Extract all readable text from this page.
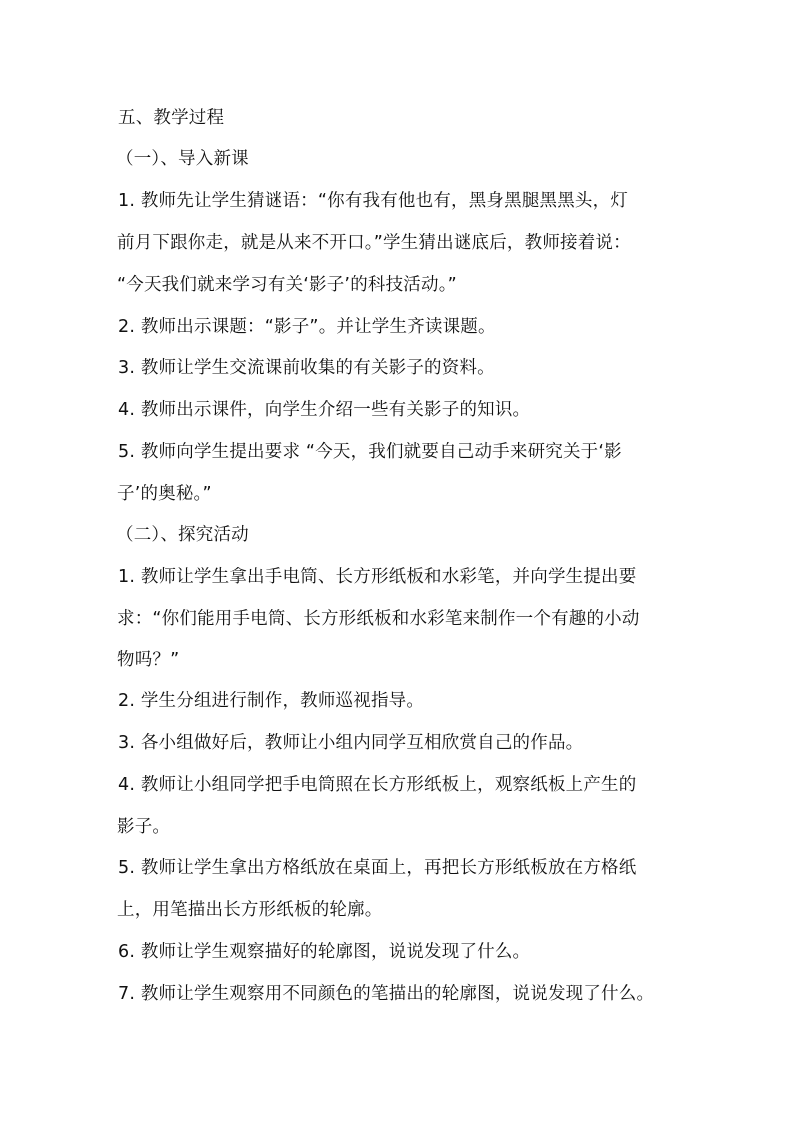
五、教学过程
（一）、导入新课
1. 教师先让学生猜谜语：“你有我有他也有，黑身黑腿黑黑头，灯
前月下跟你走，就是从来不开口。”学生猜出谜底后，教师接着说：
“今天我们就来学习有关‘影子’的科技活动。”
2. 教师出示课题：“影子”。并让学生齐读课题。
3. 教师让学生交流课前收集的有关影子的资料。
4. 教师出示课件，向学生介绍一些有关影子的知识。
5. 教师向学生提出要求 “今天，我们就要自己动手来研究关于‘影
子’的奥秘。”
（二）、探究活动
1. 教师让学生拿出手电筒、长方形纸板和水彩笔，并向学生提出要
求：“你们能用手电筒、长方形纸板和水彩笔来制作一个有趣的小动
物吗？”
2. 学生分组进行制作，教师巡视指导。
3. 各小组做好后，教师让小组内同学互相欣赏自己的作品。
4. 教师让小组同学把手电筒照在长方形纸板上，观察纸板上产生的
影子。
5. 教师让学生拿出方格纸放在桌面上，再把长方形纸板放在方格纸
上，用笔描出长方形纸板的轮廓。
6. 教师让学生观察描好的轮廓图，说说发现了什么。
7. 教师让学生观察用不同颜色的笔描出的轮廓图，说说发现了什么。
